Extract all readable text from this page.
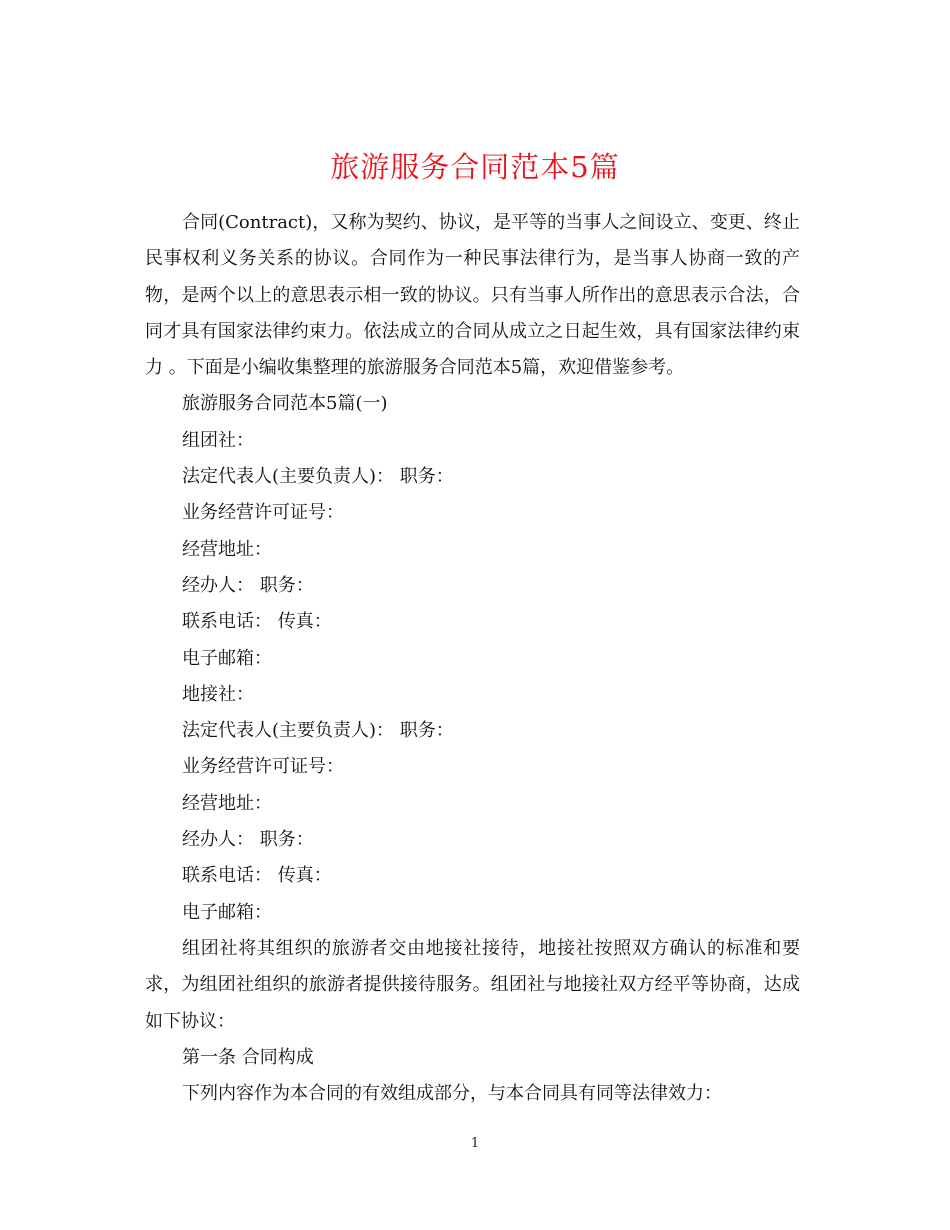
旅游服务合同范本5篇

合同(Contract)，又称为契约、协议，是平等的当事人之间设立、变更、终止民事权利义务关系的协议。合同作为一种民事法律行为，是当事人协商一致的产物，是两个以上的意思表示相一致的协议。只有当事人所作出的意思表示合法，合同才具有国家法律约束力。依法成立的合同从成立之日起生效，具有国家法律约束力 。下面是小编收集整理的旅游服务合同范本5篇，欢迎借鉴参考。

旅游服务合同范本5篇(一)

组团社：

法定代表人(主要负责人)： 职务：

业务经营许可证号：

经营地址：

经办人： 职务：

联系电话： 传真：

电子邮箱：

地接社：

法定代表人(主要负责人)： 职务：

业务经营许可证号：

经营地址：

经办人： 职务：

联系电话： 传真：

电子邮箱：

组团社将其组织的旅游者交由地接社接待，地接社按照双方确认的标准和要求，为组团社组织的旅游者提供接待服务。组团社与地接社双方经平等协商，达成如下协议：

第一条 合同构成

下列内容作为本合同的有效组成部分，与本合同具有同等法律效力：

1
